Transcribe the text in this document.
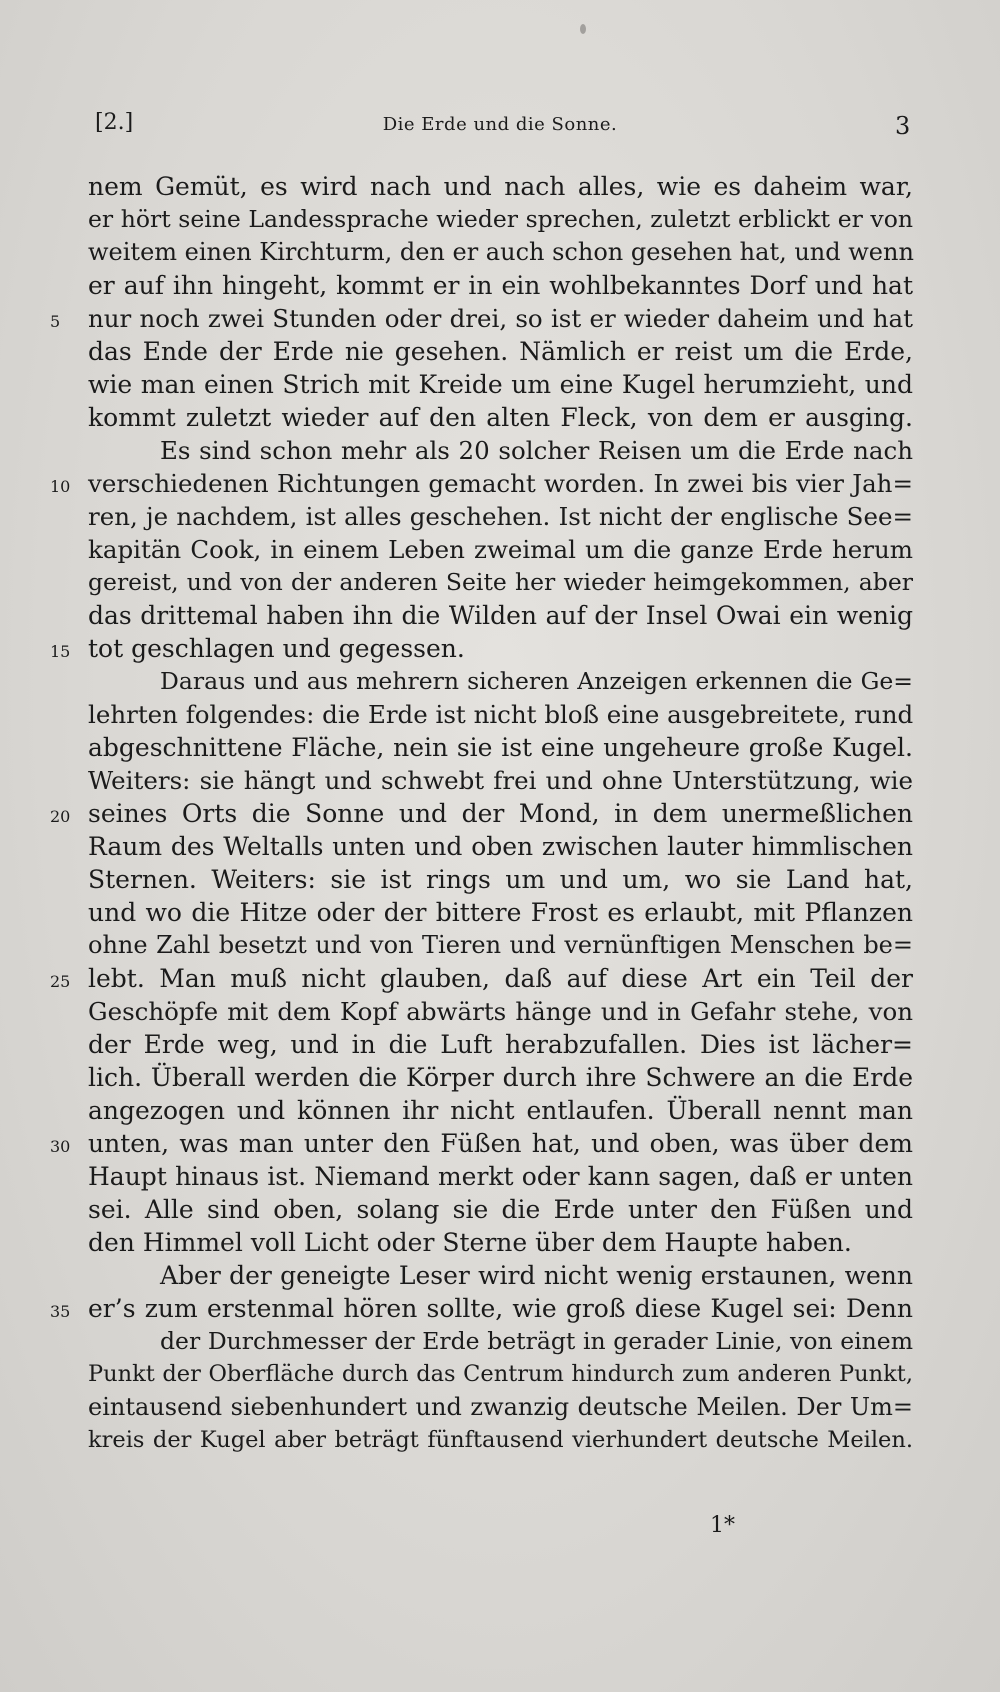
[2.]	Die Erde und die Sonne.	3
nem Gemüt, es wird nach und nach alles, wie es daheim war,
er hört seine Landessprache wieder sprechen, zuletzt erblickt er von
weitem einen Kirchturm, den er auch schon gesehen hat, und wenn
er auf ihn hingeht, kommt er in ein wohlbekanntes Dorf und hat
5	nur noch zwei Stunden oder drei, so ist er wieder daheim und hat
das Ende der Erde nie gesehen. Nämlich er reist um die Erde,
wie man einen Strich mit Kreide um eine Kugel herumzieht, und
kommt zuletzt wieder auf den alten Fleck, von dem er ausging.
Es sind schon mehr als 20 solcher Reisen um die Erde nach
10 verschiedenen Richtungen gemacht worden. In zwei bis vier Jah=
ren, je nachdem, ist alles geschehen. Ist nicht der englische See=
kapitän Cook, in einem Leben zweimal um die ganze Erde herum
gereist, und von der anderen Seite her wieder heimgekommen, aber
das drittemal haben ihn die Wilden auf der Insel Owai ein wenig
15 tot geschlagen und gegessen.
Daraus und aus mehrern sicheren Anzeigen erkennen die Ge=
lehrten folgendes: die Erde ist nicht bloß eine ausgebreitete, rund
abgeschnittene Fläche, nein sie ist eine ungeheure große Kugel.
Weiters: sie hängt und schwebt frei und ohne Unterstützung, wie
20 seines Orts die Sonne und der Mond, in dem unermeßlichen
Raum des Weltalls unten und oben zwischen lauter himmlischen
Sternen. Weiters: sie ist rings um und um, wo sie Land hat,
und wo die Hitze oder der bittere Frost es erlaubt, mit Pflanzen
ohne Zahl besetzt und von Tieren und vernünftigen Menschen be=
25 lebt. Man muß nicht glauben, daß auf diese Art ein Teil der
Geschöpfe mit dem Kopf abwärts hänge und in Gefahr stehe, von
der Erde weg, und in die Luft herabzufallen. Dies ist lächer=
lich. Überall werden die Körper durch ihre Schwere an die Erde
angezogen und können ihr nicht entlaufen. Überall nennt man
30 unten, was man unter den Füßen hat, und oben, was über dem
Haupt hinaus ist. Niemand merkt oder kann sagen, daß er unten
sei. Alle sind oben, solang sie die Erde unter den Füßen und
den Himmel voll Licht oder Sterne über dem Haupte haben.
Aber der geneigte Leser wird nicht wenig erstaunen, wenn
35 er’s zum erstenmal hören sollte, wie groß diese Kugel sei: Denn
der Durchmesser der Erde beträgt in gerader Linie, von einem
Punkt der Oberfläche durch das Centrum hindurch zum anderen Punkt,
eintausend siebenhundert und zwanzig deutsche Meilen. Der Um=
kreis der Kugel aber beträgt fünftausend vierhundert deutsche Meilen.
1*
